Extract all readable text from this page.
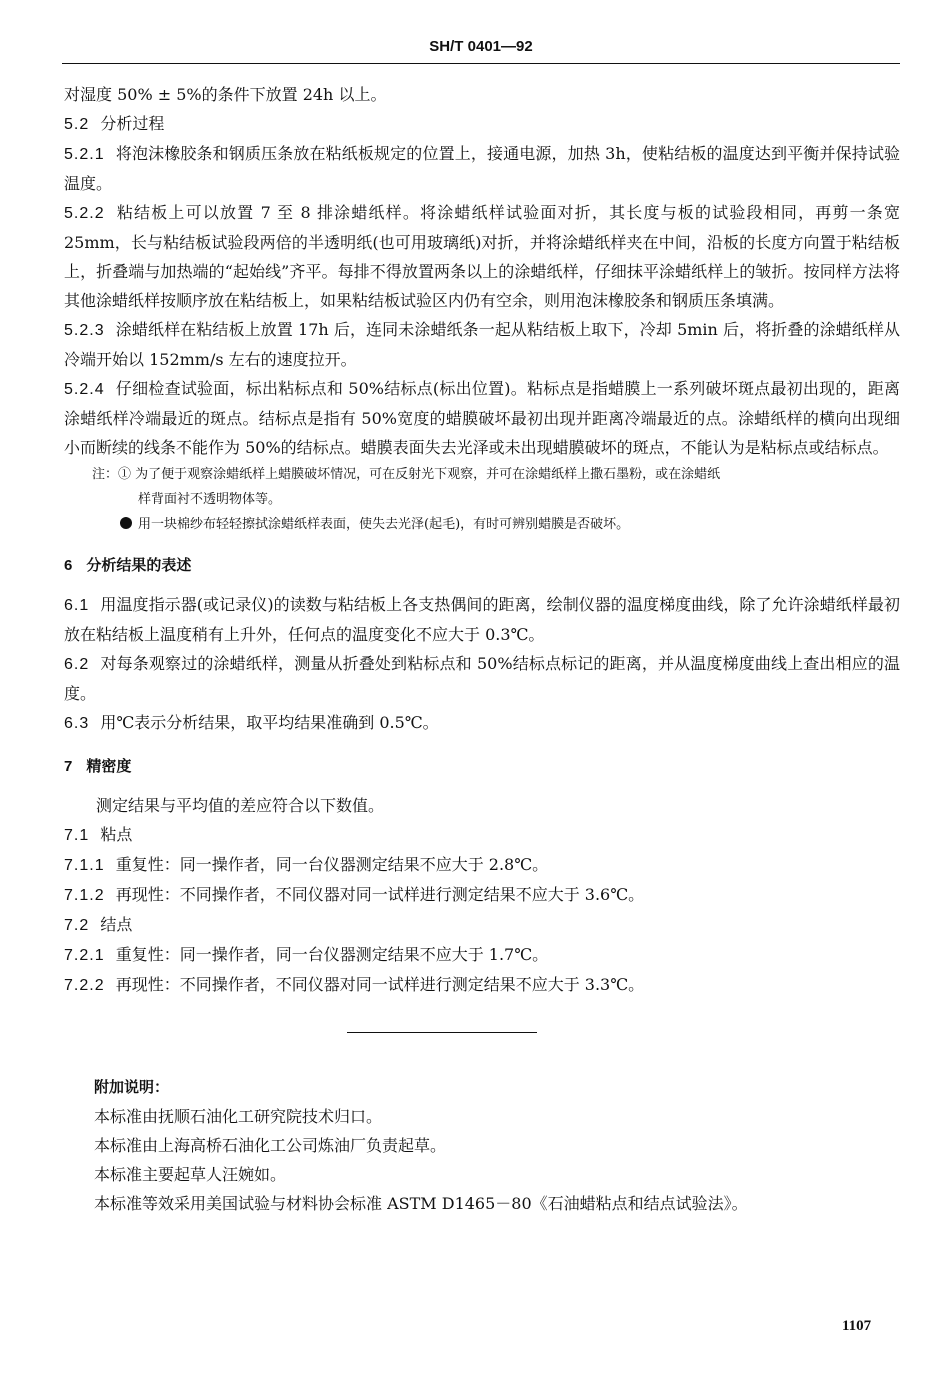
SH/T 0401—92

对湿度 50% ± 5%的条件下放置 24h 以上。

5.2 分析过程

5.2.1 将泡沫橡胶条和钢质压条放在粘纸板规定的位置上，接通电源，加热 3h，使粘结板的温度达到平衡并保持试验温度。

5.2.2 粘结板上可以放置 7 至 8 排涂蜡纸样。将涂蜡纸样试验面对折，其长度与板的试验段相同，再剪一条宽 25mm，长与粘结板试验段两倍的半透明纸(也可用玻璃纸)对折，并将涂蜡纸样夹在中间，沿板的长度方向置于粘结板上，折叠端与加热端的“起始线”齐平。每排不得放置两条以上的涂蜡纸样，仔细抹平涂蜡纸样上的皱折。按同样方法将其他涂蜡纸样按顺序放在粘结板上，如果粘结板试验区内仍有空余，则用泡沫橡胶条和钢质压条填满。

5.2.3 涂蜡纸样在粘结板上放置 17h 后，连同未涂蜡纸条一起从粘结板上取下，冷却 5min 后，将折叠的涂蜡纸样从冷端开始以 152mm/s 左右的速度拉开。

5.2.4 仔细检查试验面，标出粘标点和 50%结标点(标出位置)。粘标点是指蜡膜上一系列破坏斑点最初出现的，距离涂蜡纸样冷端最近的斑点。结标点是指有 50%宽度的蜡膜破坏最初出现并距离冷端最近的点。涂蜡纸样的横向出现细小而断续的线条不能作为 50%的结标点。蜡膜表面失去光泽或未出现蜡膜破坏的斑点，不能认为是粘标点或结标点。

注：① 为了便于观察涂蜡纸样上蜡膜破坏情况，可在反射光下观察，并可在涂蜡纸样上撒石墨粉，或在涂蜡纸
样背面衬不透明物体等。

用一块棉纱布轻轻擦拭涂蜡纸样表面，使失去光泽(起毛)，有时可辨别蜡膜是否破坏。

6 分析结果的表述

6.1 用温度指示器(或记录仪)的读数与粘结板上各支热偶间的距离，绘制仪器的温度梯度曲线，除了允许涂蜡纸样最初放在粘结板上温度稍有上升外，任何点的温度变化不应大于 0.3℃。

6.2 对每条观察过的涂蜡纸样，测量从折叠处到粘标点和 50%结标点标记的距离，并从温度梯度曲线上查出相应的温度。

6.3 用℃表示分析结果，取平均结果准确到 0.5℃。

7 精密度

测定结果与平均值的差应符合以下数值。

7.1 粘点

7.1.1 重复性：同一操作者，同一台仪器测定结果不应大于 2.8℃。

7.1.2 再现性：不同操作者，不同仪器对同一试样进行测定结果不应大于 3.6℃。

7.2 结点

7.2.1 重复性：同一操作者，同一台仪器测定结果不应大于 1.7℃。

7.2.2 再现性：不同操作者，不同仪器对同一试样进行测定结果不应大于 3.3℃。

附加说明：
本标准由抚顺石油化工研究院技术归口。
本标准由上海高桥石油化工公司炼油厂负责起草。
本标准主要起草人汪婉如。
本标准等效采用美国试验与材料协会标准 ASTM D1465－80《石油蜡粘点和结点试验法》。
1107
